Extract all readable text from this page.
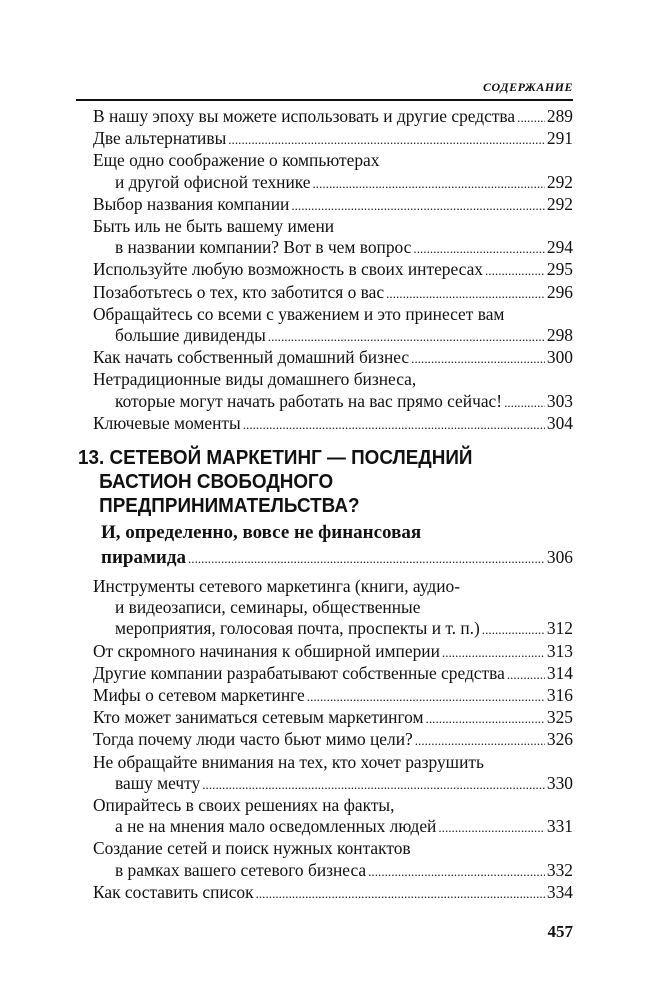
СОДЕРЖАНИЕ
В нашу эпоху вы можете использовать и другие средства . . . 289
Две альтернативы . . .	291
Еще одно соображение о компьютерах
и другой офисной технике . . .	292
Выбор названия компании . . .	292
Быть иль не быть вашему имени
в названии компании? Вот в чем вопрос . . .	294
Используйте любую возможность в своих интересах . . .	295
Позаботьтесь о тех, кто заботится о вас . . .	296
Обращайтесь со всеми с уважением и это принесет вам
большие дивиденды . . .	298
Как начать собственный домашний бизнес . . .	300
Нетрадиционные виды домашнего бизнеса,
которые могут начать работать на вас прямо сейчас! . . .	303
Ключевые моменты . . .	304
13. СЕТЕВОЙ МАРКЕТИНГ — ПОСЛЕДНИЙ
БАСТИОН СВОБОДНОГО
ПРЕДПРИНИМАТЕЛЬСТВА?
И, определенно, вовсе не финансовая
пирамида . . .	306
Инструменты сетевого маркетинга (книги, аудио-
и видеозаписи, семинары, общественные
мероприятия, голосовая почта, проспекты и т. п.) . . .	312
От скромного начинания к обширной империи . . .	313
Другие компании разрабатывают собственные средства . . . 314
Мифы о сетевом маркетинге . . .	316
Кто может заниматься сетевым маркетингом . . .	325
Тогда почему люди часто бьют мимо цели? . . .	326
Не обращайте внимания на тех, кто хочет разрушить
вашу мечту . . .	330
Опирайтесь в своих решениях на факты,
а не на мнения мало осведомленных людей . . .	331
Создание сетей и поиск нужных контактов
в рамках вашего сетевого бизнеса . . .	332
Как составить список . . .	334
457
